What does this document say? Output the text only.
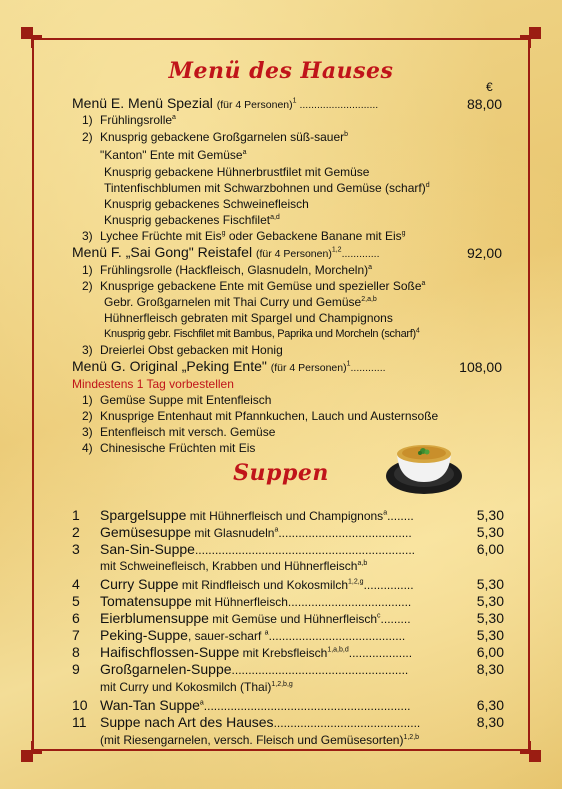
Menü des Hauses
€
Menü E. Menü Spezial (für 4 Personen)$^1$ ...........................	88,00
1) Frühlingsrolle$^a$
2) Knusprig gebackene Großgarnelen süß-sauer$^b$
"Kanton" Ente mit Gemüse$^a$
Knusprig gebackene Hühnerbrustfilet mit Gemüse
Tintenfischblumen mit Schwarzbohnen und Gemüse (scharf)$^d$
Knusprig gebackenes Schweinefleisch
Knusprig gebackenes Fischfilet$^{a,d}$
3) Lychee Früchte mit Eis$^g$ oder Gebackene Banane mit Eis$^g$
Menü F. „Sai Gong" Reistafel (für 4 Personen)$^{1,2}$.............	92,00
1) Frühlingsrolle (Hackfleisch, Glasnudeln, Morcheln)$^a$
2) Knusprige gebackene Ente mit Gemüse und spezieller Soße$^a$
Gebr. Großgarnelen mit Thai Curry und Gemüse$^{2,a,b}$
Hühnerfleisch gebraten mit Spargel und Champignons
Knusprig gebr. Fischfilet mit Bambus, Paprika und Morcheln (scharf)$^4$
3) Dreierlei Obst gebacken mit Honig
Menü G. Original „Peking Ente" (für 4 Personen)$^1$............	108,00
Mindestens 1 Tag vorbestellen
1) Gemüse Suppe mit Entenfleisch
2) Knusprige Entenhaut mit Pfannkuchen, Lauch und Austernsoße
3) Entenfleisch mit versch. Gemüse
4) Chinesische Früchten mit Eis
Suppen
1 Spargelsuppe mit Hühnerfleisch und Champignons$^a$........	5,30
2 Gemüsesuppe mit Glasnudeln$^a$........................................	5,30
3 San-Sin-Suppe..................................................................	6,00
mit Schweinefleisch, Krabben und Hühnerfleisch$^{a,b}$
4 Curry Suppe mit Rindfleisch und Kokosmilch$^{1,2,g}$...............	5,30
5 Tomatensuppe mit Hühnerfleisch.....................................	5,30
6 Eierblumensuppe mit Gemüse und Hühnerfleisch$^c$.........	5,30
7 Peking-Suppe, sauer-scharf $^a$.........................................	5,30
8 Haifischflossen-Suppe mit Krebsfleisch$^{1,a,b,d}$...................	6,00
9 Großgarnelen-Suppe.....................................................	8,30
mit Curry und Kokosmilch (Thai)$^{1,2,b,g}$
10 Wan-Tan Suppe$^a$..............................................................	6,30
11 Suppe nach Art des Hauses............................................	8,30
(mit Riesengarnelen, versch. Fleisch und Gemüsesorten)$^{1,2,b}$
